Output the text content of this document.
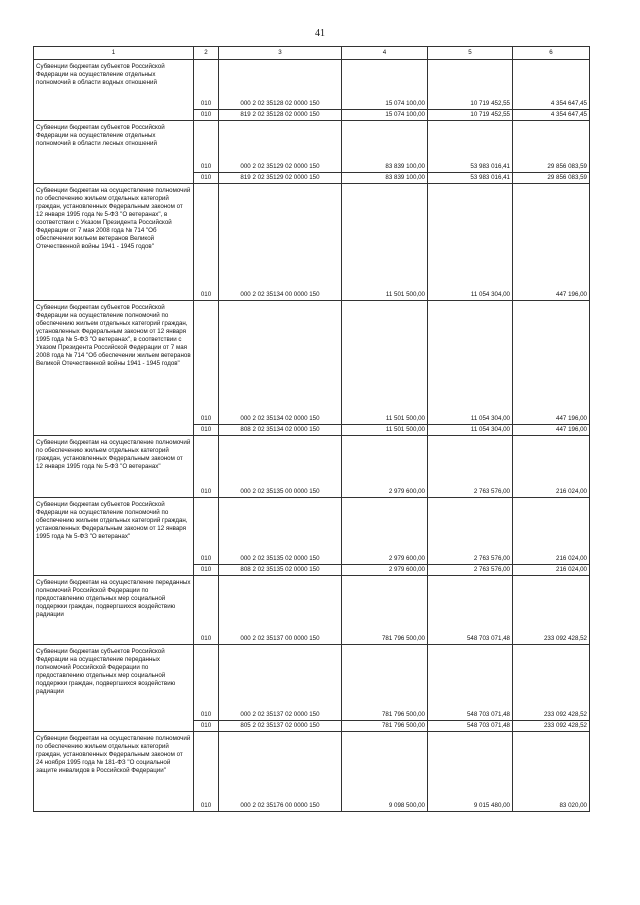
41
1	2	3	4	5	6
Субвенции бюджетам субъектов Российской Федерации на осуществление отдельных полномочий в области водных отношений	010	000 2 02 35128 02 0000 150	15 074 100,00	10 719 452,55	4 354 647,45
	010	819 2 02 35128 02 0000 150	15 074 100,00	10 719 452,55	4 354 647,45
Субвенции бюджетам субъектов Российской Федерации на осуществление отдельных полномочий в области лесных отношений	010	000 2 02 35129 02 0000 150	83 839 100,00	53 983 016,41	29 856 083,59
	010	819 2 02 35129 02 0000 150	83 839 100,00	53 983 016,41	29 856 083,59
Субвенции бюджетам на осуществление полномочий по обеспечению жильем отдельных категорий граждан, установленных Федеральным законом от 12 января 1995 года № 5-ФЗ "О ветеранах", в соответствии с Указом Президента Российской Федерации от 7 мая 2008 года № 714 "Об обеспечении жильем ветеранов Великой Отечественной войны 1941 - 1945 годов"	010	000 2 02 35134 00 0000 150	11 501 500,00	11 054 304,00	447 196,00
Субвенции бюджетам субъектов Российской Федерации на осуществление полномочий по обеспечению жильем отдельных категорий граждан, установленных Федеральным законом от 12 января 1995 года № 5-ФЗ "О ветеранах", в соответствии с Указом Президента Российской Федерации от 7 мая 2008 года № 714 "Об обеспечении жильем ветеранов Великой Отечественной войны 1941 - 1945 годов"	010	000 2 02 35134 02 0000 150	11 501 500,00	11 054 304,00	447 196,00
	010	808 2 02 35134 02 0000 150	11 501 500,00	11 054 304,00	447 196,00
Субвенции бюджетам на осуществление полномочий по обеспечению жильем отдельных категорий граждан, установленных Федеральным законом от 12 января 1995 года № 5-ФЗ "О ветеранах"	010	000 2 02 35135 00 0000 150	2 979 600,00	2 763 576,00	216 024,00
Субвенции бюджетам субъектов Российской Федерации на осуществление полномочий по обеспечению жильем отдельных категорий граждан, установленных Федеральным законом от 12 января 1995 года № 5-ФЗ "О ветеранах"	010	000 2 02 35135 02 0000 150	2 979 600,00	2 763 576,00	216 024,00
	010	808 2 02 35135 02 0000 150	2 979 600,00	2 763 576,00	216 024,00
Субвенции бюджетам на осуществление переданных полномочий Российской Федерации по предоставлению отдельных мер социальной поддержки граждан, подвергшихся воздействию радиации	010	000 2 02 35137 00 0000 150	781 796 500,00	548 703 071,48	233 092 428,52
Субвенции бюджетам субъектов Российской Федерации на осуществление переданных полномочий Российской Федерации по предоставлению отдельных мер социальной поддержки граждан, подвергшихся воздействию радиации	010	000 2 02 35137 02 0000 150	781 796 500,00	548 703 071,48	233 092 428,52
	010	805 2 02 35137 02 0000 150	781 796 500,00	548 703 071,48	233 092 428,52
Субвенции бюджетам на осуществление полномочий по обеспечению жильем отдельных категорий граждан, установленных Федеральным законом от 24 ноября 1995 года № 181-ФЗ "О социальной защите инвалидов в Российской Федерации"	010	000 2 02 35176 00 0000 150	9 098 500,00	9 015 480,00	83 020,00
